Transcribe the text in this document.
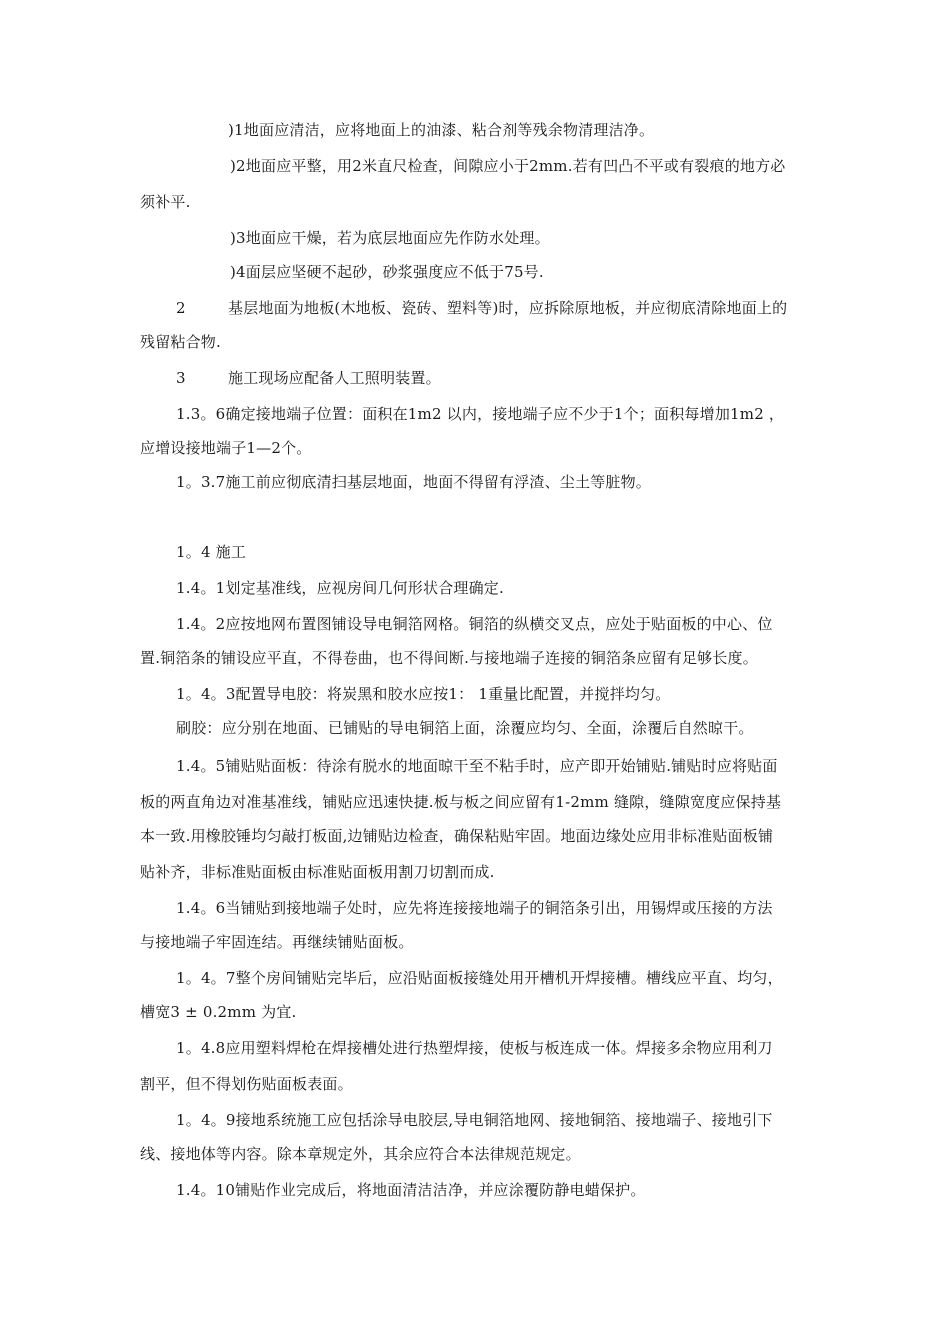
)1地面应清洁，应将地面上的油漆、粘合剂等残余物清理洁净。
)2地面应平整，用2米直尺检查，间隙应小于2mm.若有凹凸不平或有裂痕的地方必
须补平.
)3地面应干燥，若为底层地面应先作防水处理。
)4面层应坚硬不起砂，砂浆强度应不低于75号.
2	基层地面为地板(木地板、瓷砖、塑料等)时，应拆除原地板，并应彻底清除地面上的
残留粘合物.
3	施工现场应配备人工照明装置。
1.3。6确定接地端子位置：面积在1m2 以内，接地端子应不少于1个；面积每增加1m2 ，
应增设接地端子1—2个。
1。3.7施工前应彻底清扫基层地面，地面不得留有浮渣、尘土等脏物。
1。4 施工
1.4。1划定基准线，应视房间几何形状合理确定.
1.4。2应按地网布置图铺设导电铜箔网格。铜箔的纵横交叉点，应处于贴面板的中心、位
置.铜箔条的铺设应平直，不得卷曲，也不得间断.与接地端子连接的铜箔条应留有足够长度。
1。4。3配置导电胶：将炭黑和胶水应按1： 1重量比配置，并搅拌均匀。
刷胶：应分别在地面、已铺贴的导电铜箔上面，涂覆应均匀、全面，涂覆后自然晾干。
1.4。5铺贴贴面板：待涂有脱水的地面晾干至不粘手时，应产即开始铺贴.铺贴时应将贴面
板的两直角边对准基准线，铺贴应迅速快捷.板与板之间应留有1-2mm 缝隙，缝隙宽度应保持基
本一致.用橡胶锤均匀敲打板面,边铺贴边检查，确保粘贴牢固。地面边缘处应用非标准贴面板铺
贴补齐，非标准贴面板由标准贴面板用割刀切割而成.
1.4。6当铺贴到接地端子处时，应先将连接接地端子的铜箔条引出，用锡焊或压接的方法
与接地端子牢固连结。再继续铺贴面板。
1。4。7整个房间铺贴完毕后，应沿贴面板接缝处用开槽机开焊接槽。槽线应平直、均匀，
槽宽3 ± 0.2mm 为宜.
1。4.8应用塑料焊枪在焊接槽处进行热塑焊接，使板与板连成一体。焊接多余物应用利刀
割平，但不得划伤贴面板表面。
1。4。9接地系统施工应包括涂导电胶层,导电铜箔地网、接地铜箔、接地端子、接地引下
线、接地体等内容。除本章规定外，其余应符合本法律规范规定。
1.4。10铺贴作业完成后，将地面清洁洁净，并应涂覆防静电蜡保护。
